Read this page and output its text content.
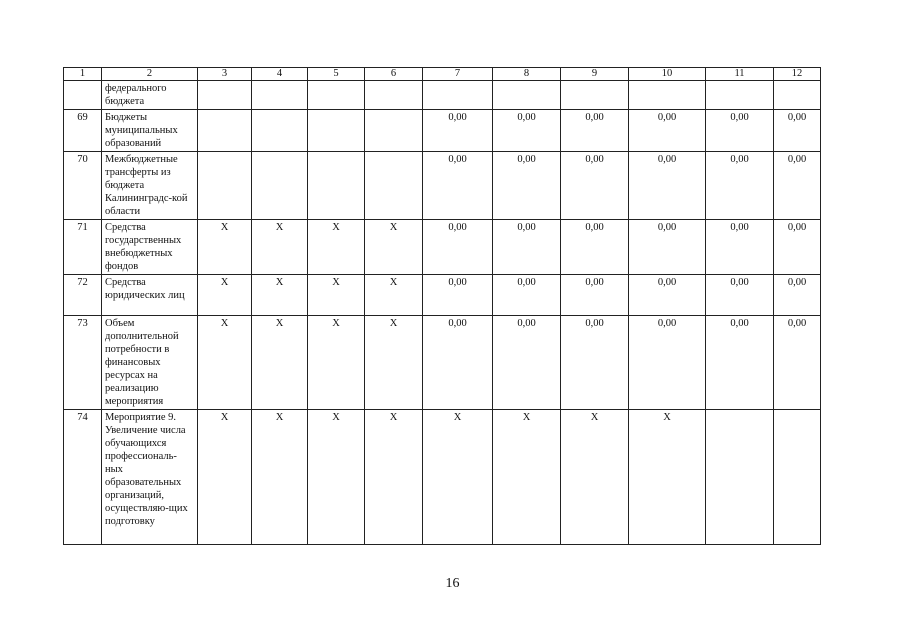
1	2	3	4	5	6	7	8	9	10	11	12
	федерального бюджета										
69	Бюджеты муниципальных образований					0,00	0,00	0,00	0,00	0,00	0,00
70	Межбюджетные трансферты из бюджета Калининградс-кой области					0,00	0,00	0,00	0,00	0,00	0,00
71	Средства государственных внебюджетных фондов	X	X	X	X	0,00	0,00	0,00	0,00	0,00	0,00
72	Средства юридических лиц	X	X	X	X	0,00	0,00	0,00	0,00	0,00	0,00
73	Объем дополнительной потребности в финансовых ресурсах на реализацию мероприятия	X	X	X	X	0,00	0,00	0,00	0,00	0,00	0,00
74	Мероприятие 9. Увеличение числа обучающихся профессиональ-ных образовательных организаций, осуществляю-щих подготовку	X	X	X	X	X	X	X	X		
16
